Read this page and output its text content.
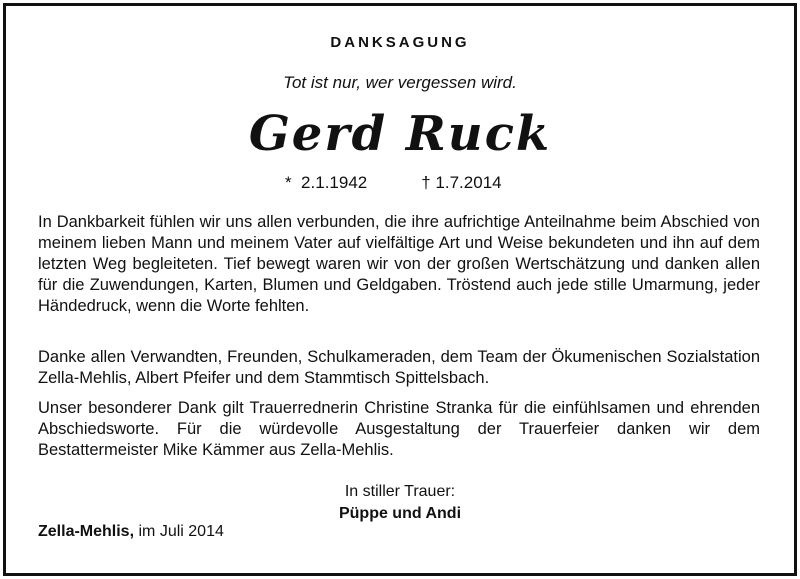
DANKSAGUNG
Tot ist nur, wer vergessen wird.
Gerd Ruck
*  2.1.1942	† 1.7.2014
In Dankbarkeit fühlen wir uns allen verbunden, die ihre aufrichtige Anteilnahme beim Abschied von meinem lieben Mann und meinem Vater auf vielfältige Art und Weise bekundeten und ihn auf dem letzten Weg begleiteten. Tief bewegt waren wir von der großen Wertschätzung und danken allen für die Zuwendungen, Karten, Blumen und Geldgaben. Tröstend auch jede stille Umarmung, jeder Händedruck, wenn die Worte fehlten.
Danke allen Verwandten, Freunden, Schulkameraden, dem Team der Ökumenischen Sozialstation Zella-Mehlis, Albert Pfeifer und dem Stammtisch Spittelsbach.
Unser besonderer Dank gilt Trauerrednerin Christine Stranka für die einfühlsamen und ehrenden Abschiedsworte. Für die würdevolle Ausgestaltung der Trauerfeier danken wir dem Bestattermeister Mike Kämmer aus Zella-Mehlis.
In stiller Trauer:
Püppe und Andi
Zella-Mehlis, im Juli 2014
